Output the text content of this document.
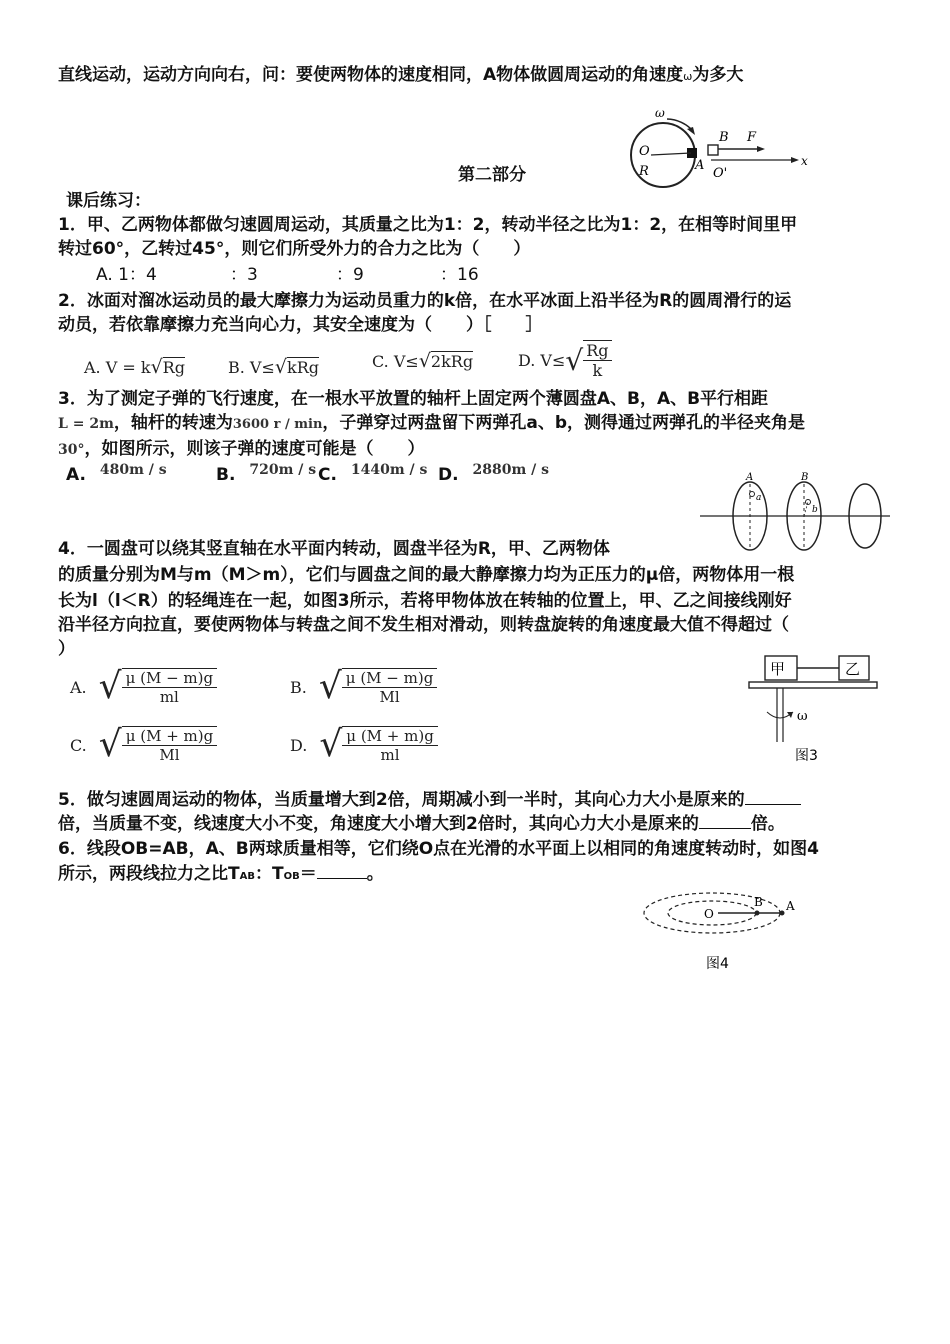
直线运动，运动方向向右，问：要使两物体的速度相同，A物体做圆周运动的角速度ω为多大
ω
O
R	A
B F
O'
x
第二部分
课后练习：
1．甲、乙两物体都做匀速圆周运动，其质量之比为1：2，转动半径之比为1：2，在相等时间里甲
转过60°，乙转过45°，则它们所受外力的合力之比为（　　）
A. 1：4	：3	：9	：16
2．冰面对溜冰运动员的最大摩擦力为运动员重力的k倍，在水平冰面上沿半径为R的圆周滑行的运
动员，若依靠摩擦力充当向心力，其安全速度为（　　）［　　］
A. V = k√Rg	B. V≤√kRg	C. V≤√2kRg	D. V≤ √ $\frac{Rg}{k}$
3．为了测定子弹的飞行速度，在一根水平放置的轴杆上固定两个薄圆盘A、B，A、B平行相距
L = 2m，轴杆的转速为3600 r / min，子弹穿过两盘留下两弹孔a、b，测得通过两弹孔的半径夹角是
30°，如图所示，则该子弹的速度可能是（　　）
A. $^{480m / s}$	B. $^{720m / s}$ C. $^{1440m / s}$ D. $^{2880m / s}$	A	B
a
b
4．一圆盘可以绕其竖直轴在水平面内转动，圆盘半径为R，甲、乙两物体
的质量分别为M与m（M＞m），它们与圆盘之间的最大静摩擦力均为正压力的μ倍，两物体用一根
长为l（l＜R）的轻绳连在一起，如图3所示，若将甲物体放在转轴的位置上，甲、乙之间接线刚好
沿半径方向拉直，要使两物体与转盘之间不发生相对滑动，则转盘旋转的角速度最大值不得超过（
）
A. √ $\frac{\mu (M - m)g}{ml}$	B. √ $\frac{\mu (M - m)g}{Ml}$
C. √ $\frac{\mu (M + m)g}{Ml}$	D. √ $\frac{\mu (M + m)g}{ml}$
甲	乙
ω
图3
5．做匀速圆周运动的物体，当质量增大到2倍，周期减小到一半时，其向心力大小是原来的
倍，当质量不变，线速度大小不变，角速度大小增大到2倍时，其向心力大小是原来的	倍。
6．线段OB=AB，A、B两球质量相等，它们绕O点在光滑的水平面上以相同的角速度转动时，如图4
所示，两段线拉力之比TAB：TOB＝	。
O
B A
图4
